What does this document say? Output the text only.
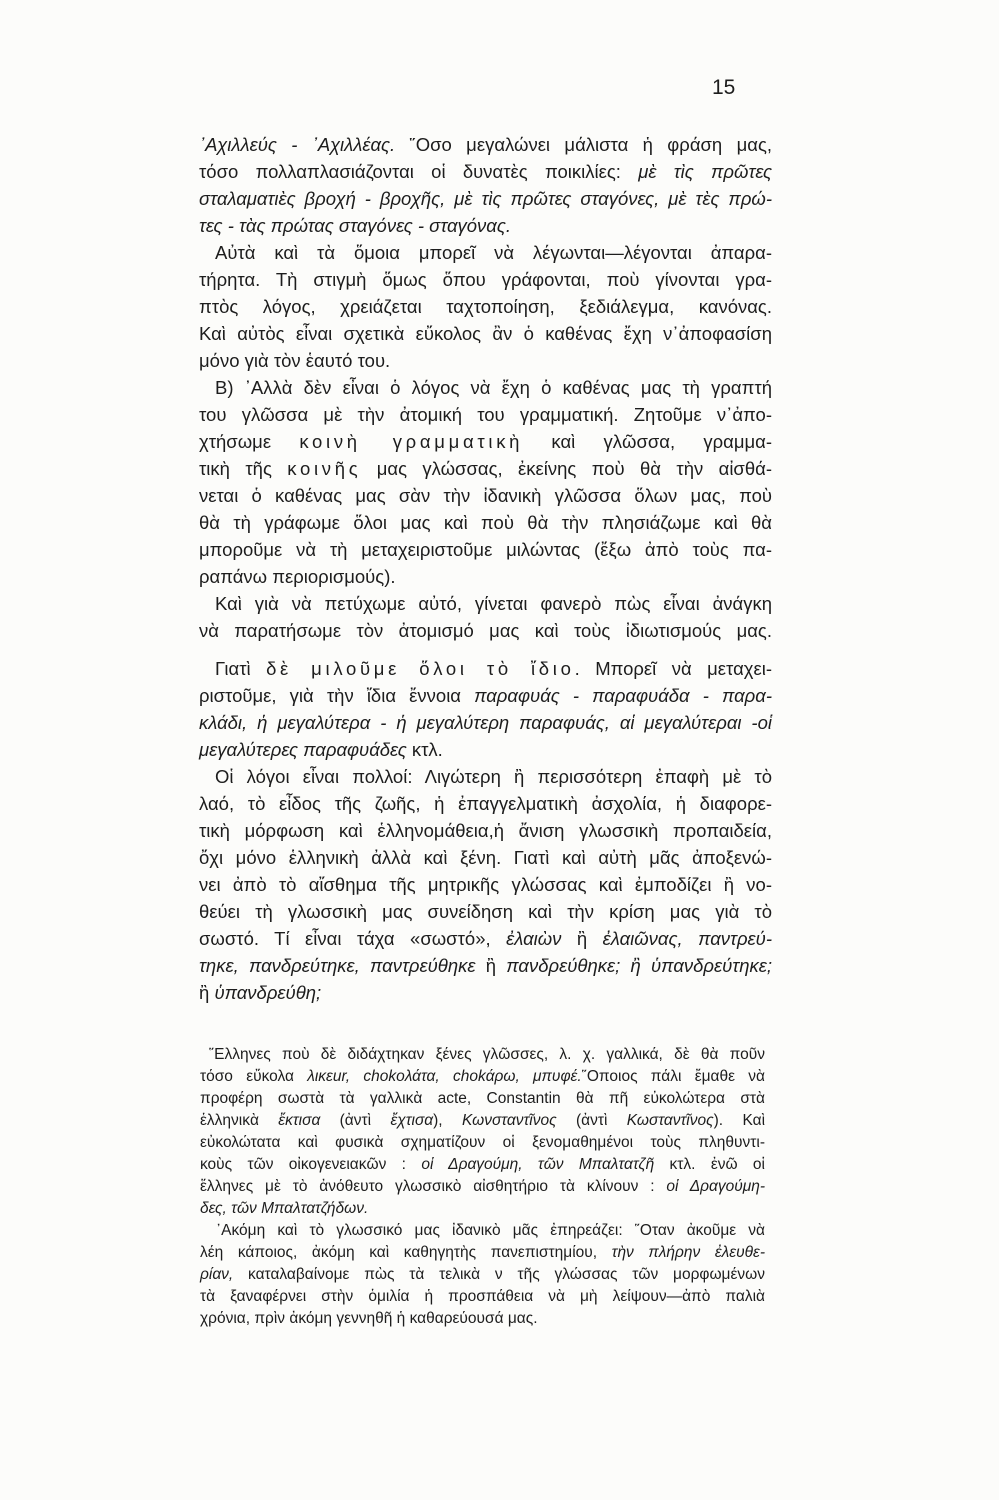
15
᾿Αχιλλεύς - ᾿Αχιλλέας. ῞Οσο μεγαλώνει μάλιστα ἡ φράση μας,
τόσο πολλαπλασιάζονται οἱ δυνατὲς ποικιλίες: μὲ τὶς πρῶτες
σταλαματιὲς βροχή - βροχῆς, μὲ τὶς πρῶτες σταγόνες, μὲ τὲς πρώ-
τες - τὰς πρώτας σταγόνες - σταγόνας.
Αὐτὰ καὶ τὰ ὅμοια μπορεῖ νὰ λέγωνται—λέγονται ἀπαρα-
τήρητα. Τὴ στιγμὴ ὅμως ὅπου γράφονται, ποὺ γίνονται γρα-
πτὸς λόγος, χρειάζεται ταχτοποίηση, ξεδιάλεγμα, κανόνας.
Καὶ αὐτὸς εἶναι σχετικὰ εὔκολος ἂν ὁ καθένας ἔχη ν᾿ἀποφασίση
μόνο γιὰ τὸν ἑαυτό του.
Β) ᾿Αλλὰ δὲν εἶναι ὁ λόγος νὰ ἔχη ὁ καθένας μας τὴ γραπτή
του γλῶσσα μὲ τὴν ἀτομική του γραμματική. Ζητοῦμε ν᾿ἀπο-
χτήσωμε κοινὴ γραμματικὴ καὶ γλῶσσα, γραμμα-
τικὴ τῆς κοινῆς μας γλώσσας, ἐκείνης ποὺ θὰ τὴν αἰσθά-
νεται ὁ καθένας μας σὰν τὴν ἰδανικὴ γλῶσσα ὅλων μας, ποὺ
θὰ τὴ γράφωμε ὅλοι μας καὶ ποὺ θὰ τὴν πλησιάζωμε καὶ θὰ
μποροῦμε νὰ τὴ μεταχειριστοῦμε μιλώντας (ἔξω ἀπὸ τοὺς πα-
ραπάνω περιορισμούς).
Καὶ γιὰ νὰ πετύχωμε αὐτό, γίνεται φανερὸ πὼς εἶναι ἀνάγκη
νὰ παρατήσωμε τὸν ἀτομισμό μας καὶ τοὺς ἰδιωτισμούς μας.
Γιατὶ δὲ μιλοῦμε ὅλοι τὸ ἴδιο. Μπορεῖ νὰ μεταχει-
ριστοῦμε, γιὰ τὴν ἴδια ἔννοια παραφυάς - παραφυάδα - παρα-
κλάδι, ἡ μεγαλύτερα - ἡ μεγαλύτερη παραφυάς, αἱ μεγαλύτεραι -οἱ
μεγαλύτερες παραφυάδες κτλ.
Οἱ λόγοι εἶναι πολλοί: Λιγώτερη ἢ περισσότερη ἐπαφὴ μὲ τὸ
λαό, τὸ εἶδος τῆς ζωῆς, ἡ ἐπαγγελματικὴ ἀσχολία, ἡ διαφορε-
τικὴ μόρφωση καὶ ἑλληνομάθεια,ἡ ἄνιση γλωσσικὴ προπαιδεία,
ὄχι μόνο ἑλληνικὴ ἀλλὰ καὶ ξένη. Γιατὶ καὶ αὐτὴ μᾶς ἀποξενώ-
νει ἀπὸ τὸ αἴσθημα τῆς μητρικῆς γλώσσας καὶ ἐμποδίζει ἢ νο-
θεύει τὴ γλωσσικὴ μας συνείδηση καὶ τὴν κρίση μας γιὰ τὸ
σωστό. Τί εἶναι τάχα «σωστό», ἐλαιὼν ἢ ἐλαιῶνας, παντρεύ-
τηκε, πανδρεύτηκε, παντρεύθηκε ἢ πανδρεύθηκε; ἢ ὑπανδρεύτηκε;
ἢ ὑπανδρεύθη;
῞Ελληνες ποὺ δὲ διδάχτηκαν ξένες γλῶσσες, λ. χ. γαλλικά, δὲ θὰ ποῦν
τόσο εὔκολα λικεur, chokoλάτα, chokάρω, μπυφέ.῞Οποιος πάλι ἔμαθε νὰ
προφέρη σωστὰ τὰ γαλλικὰ acte, Constantin θὰ πῆ εὐκολώτερα στὰ
ἑλληνικὰ ἔκτισα (ἀντὶ ἔχτισα), Κωνσταντῖνος (ἀντὶ Κωσταντῖνος). Καὶ
εὐκολώτατα καὶ φυσικὰ σχηματίζουν οἱ ξενομαθημένοι τοὺς πληθυντι-
κοὺς τῶν οἰκογενειακῶν : οἱ Δραγούμη, τῶν Μπαλτατζῆ κτλ. ἐνῶ οἱ
ἕλληνες μὲ τὸ ἀνόθευτο γλωσσικὸ αἰσθητήριο τὰ κλίνουν : οἱ Δραγούμη-
δες, τῶν Μπαλτατζήδων.
᾿Ακόμη καὶ τὸ γλωσσικό μας ἰδανικὸ μᾶς ἐπηρεάζει: ῞Οταν ἀκοῦμε νὰ
λέη κάποιος, ἀκόμη καὶ καθηγητὴς πανεπιστημίου, τὴν πλήρην ἐλευθε-
ρίαν, καταλαβαίνομε πὼς τὰ τελικὰ ν τῆς γλώσσας τῶν μορφωμένων
τὰ ξαναφέρνει στὴν ὁμιλία ἡ προσπάθεια νὰ μὴ λείψουν—ἀπὸ παλιὰ
χρόνια, πρὶν ἀκόμη γεννηθῆ ἡ καθαρεύουσά μας.
